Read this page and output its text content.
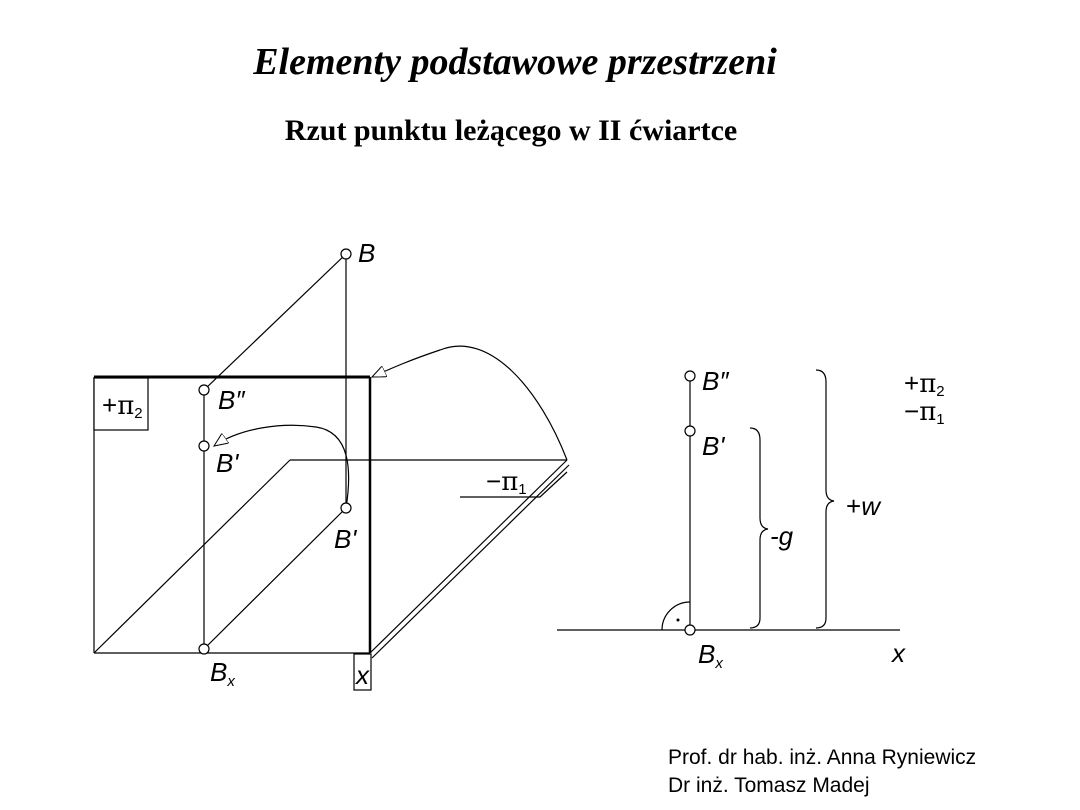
Elementy podstawowe przestrzeni
Rzut punktu leżącego w II ćwiartce
B
B″
B'
B'
Bx	x
+π2
−π1
B″
B'
Bx	x
-g
+w
+π2
−π1
Prof. dr hab. inż. Anna Ryniewicz
Dr inż. Tomasz Madej
